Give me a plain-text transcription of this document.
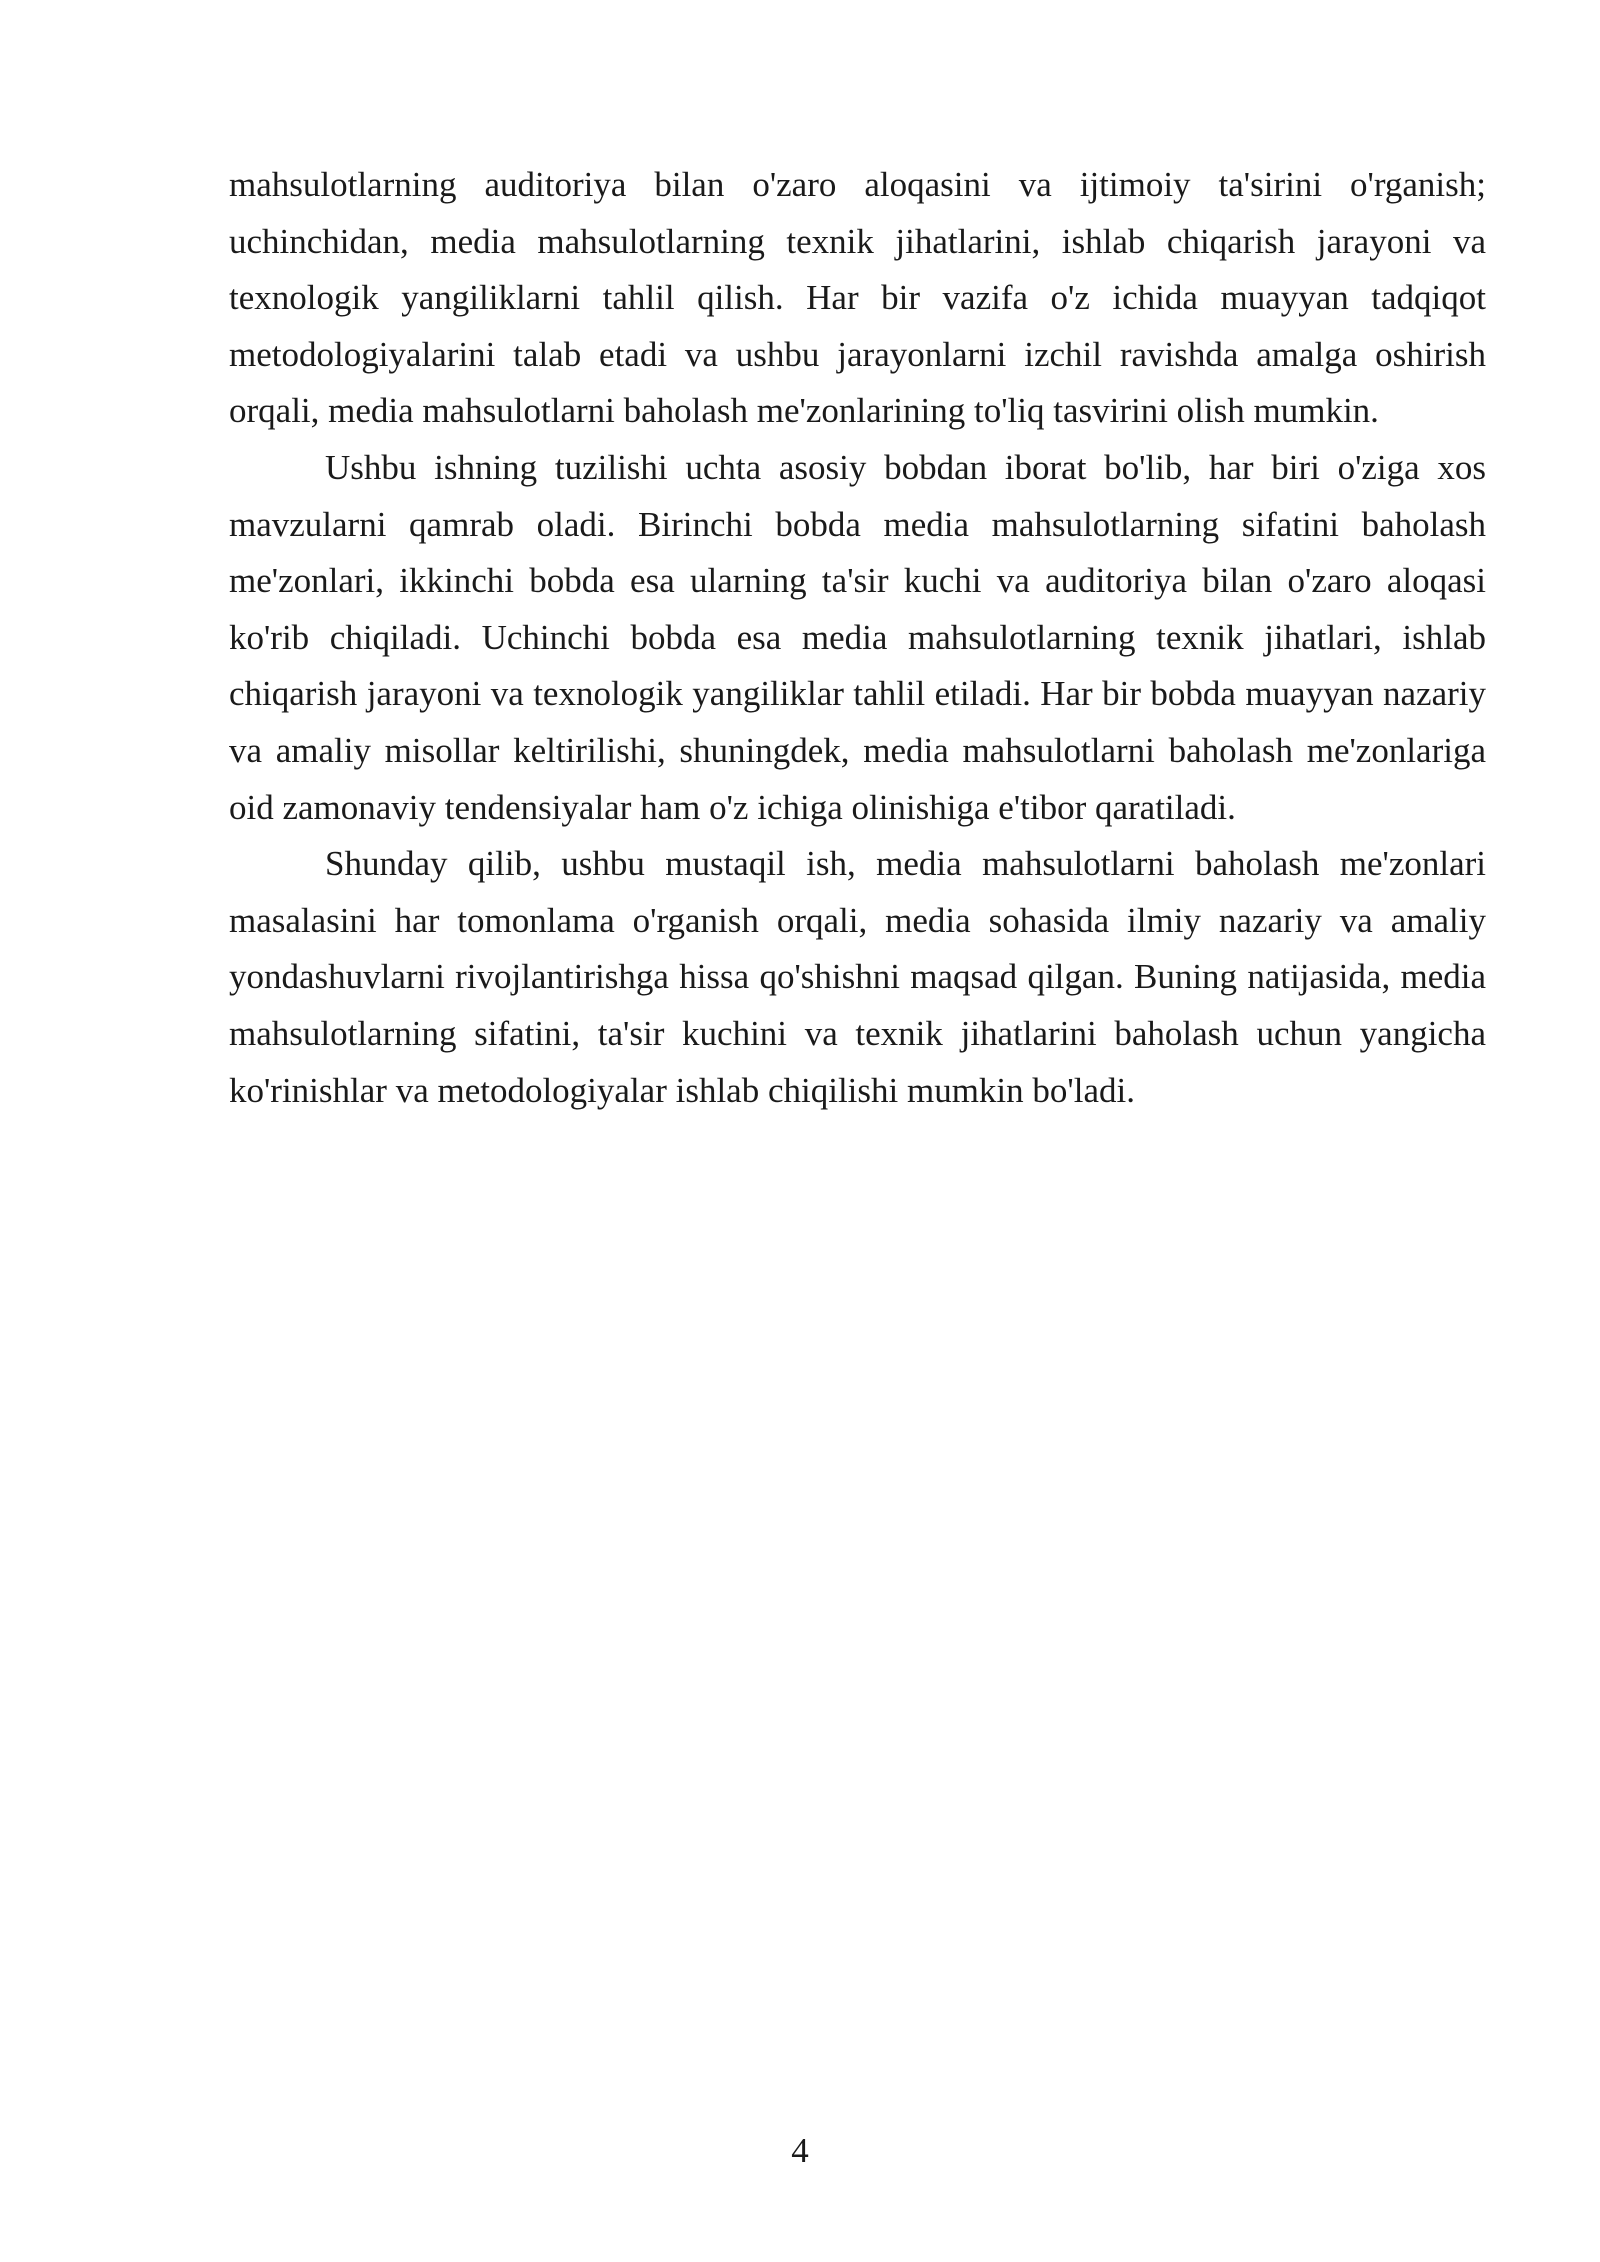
mahsulotlarning auditoriya bilan o'zaro aloqasini va ijtimoiy ta'sirini o'rganish; uchinchidan, media mahsulotlarning texnik jihatlarini, ishlab chiqarish jarayoni va texnologik yangiliklarni tahlil qilish. Har bir vazifa o'z ichida muayyan tadqiqot metodologiyalarini talab etadi va ushbu jarayonlarni izchil ravishda amalga oshirish orqali, media mahsulotlarni baholash me'zonlarining to'liq tasvirini olish mumkin.

Ushbu ishning tuzilishi uchta asosiy bobdan iborat bo'lib, har biri o'ziga xos mavzularni qamrab oladi. Birinchi bobda media mahsulotlarning sifatini baholash me'zonlari, ikkinchi bobda esa ularning ta'sir kuchi va auditoriya bilan o'zaro aloqasi ko'rib chiqiladi. Uchinchi bobda esa media mahsulotlarning texnik jihatlari, ishlab chiqarish jarayoni va texnologik yangiliklar tahlil etiladi. Har bir bobda muayyan nazariy va amaliy misollar keltirilishi, shuningdek, media mahsulotlarni baholash me'zonlariga oid zamonaviy tendensiyalar ham o'z ichiga olinishiga e'tibor qaratiladi.

Shunday qilib, ushbu mustaqil ish, media mahsulotlarni baholash me'zonlari masalasini har tomonlama o'rganish orqali, media sohasida ilmiy nazariy va amaliy yondashuvlarni rivojlantirishga hissa qo'shishni maqsad qilgan. Buning natijasida, media mahsulotlarning sifatini, ta'sir kuchini va texnik jihatlarini baholash uchun yangicha ko'rinishlar va metodologiyalar ishlab chiqilishi mumkin bo'ladi.

4
